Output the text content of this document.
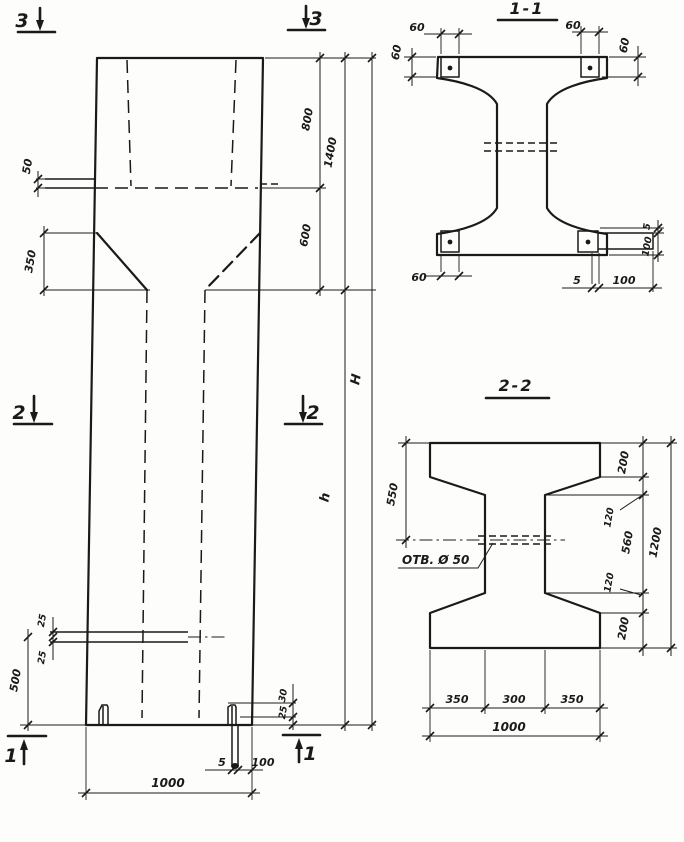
3	3
2	2
1	1
800
1400
600
H
h
50
350
25
25
500
30
25
5 100
1000
1-1
60
60
60
60
60	5	100
5
100
2-2
ОТВ. Ø 50
550
200
120
560
120
200
1200
350	300	350
1000
